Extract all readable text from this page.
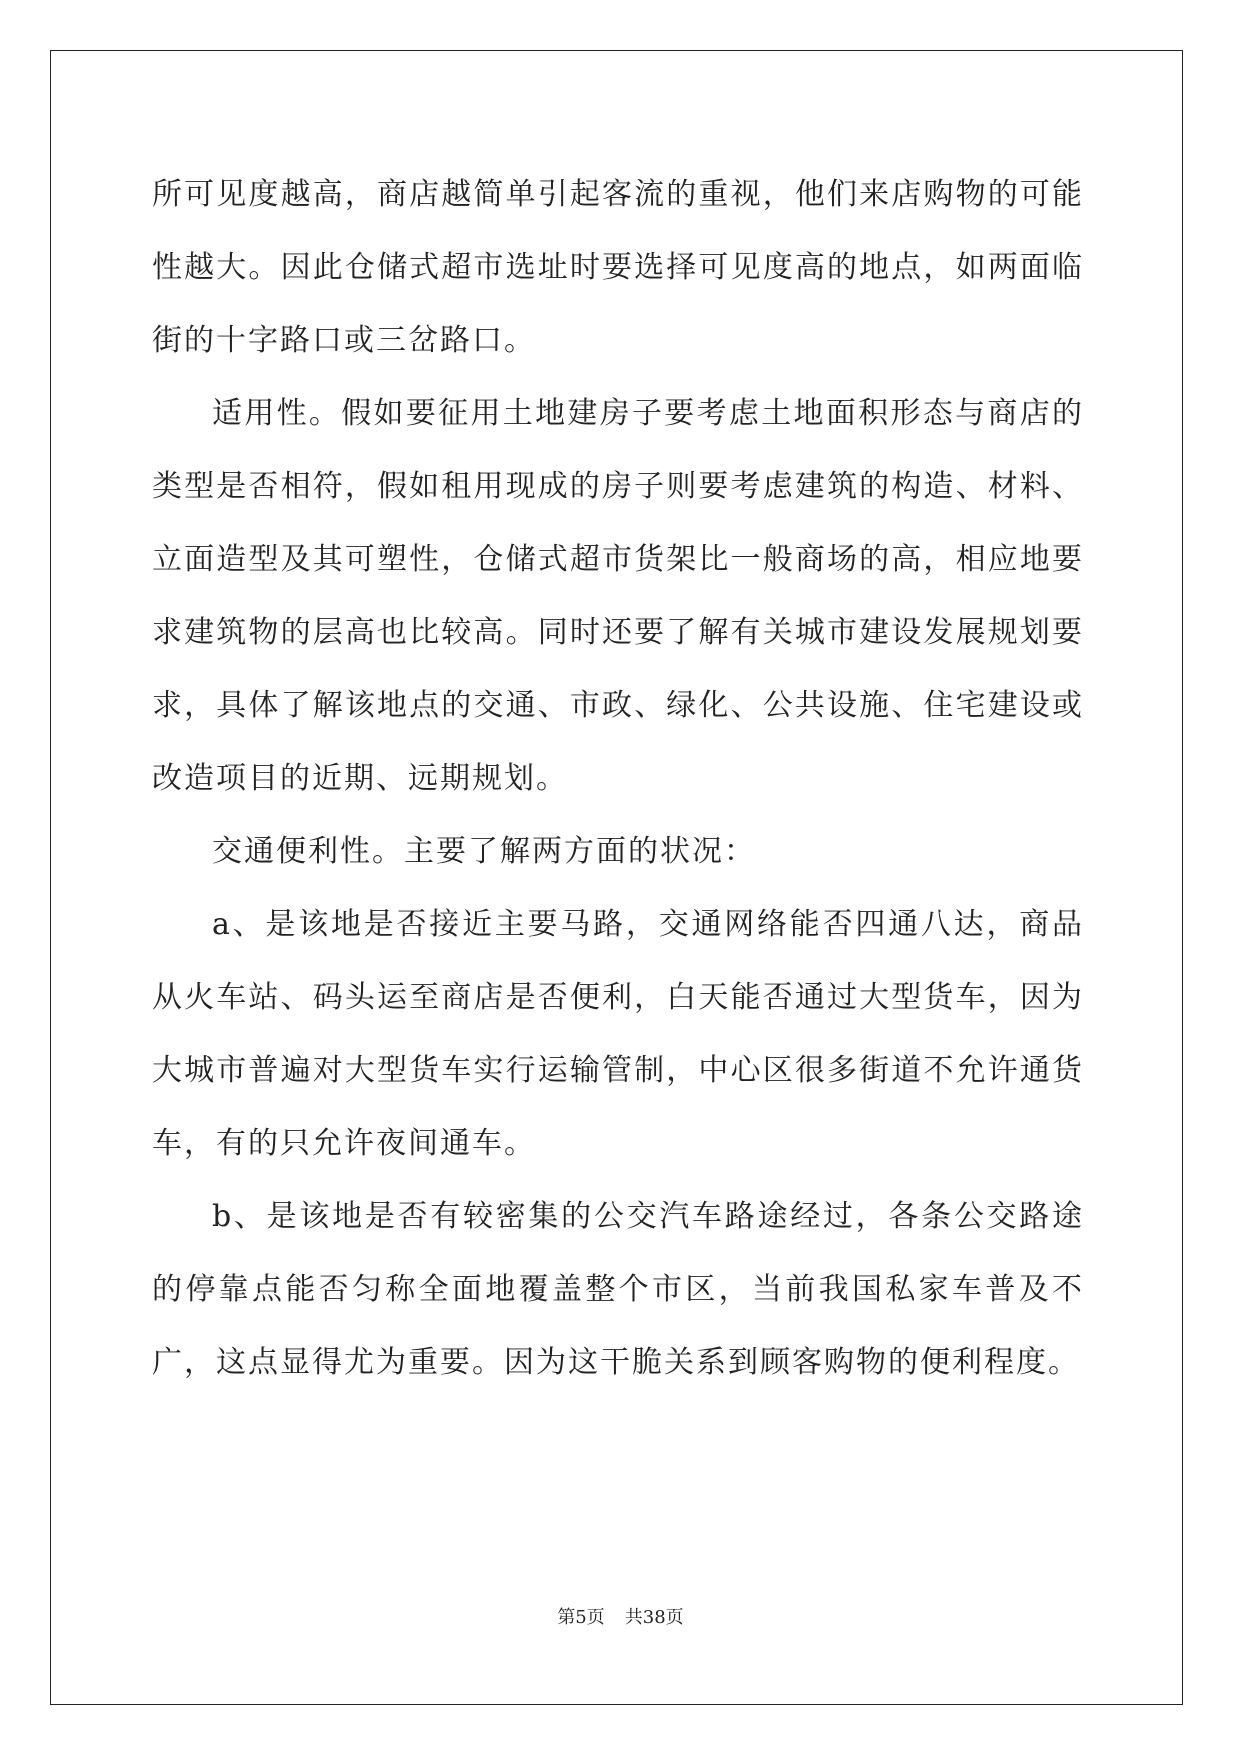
所可见度越高，商店越简单引起客流的重视，他们来店购物的可能性越大。因此仓储式超市选址时要选择可见度高的地点，如两面临街的十字路口或三岔路口。

适用性。假如要征用土地建房子要考虑土地面积形态与商店的类型是否相符，假如租用现成的房子则要考虑建筑的构造、材料、立面造型及其可塑性，仓储式超市货架比一般商场的高，相应地要求建筑物的层高也比较高。同时还要了解有关城市建设发展规划要求，具体了解该地点的交通、市政、绿化、公共设施、住宅建设或改造项目的近期、远期规划。

交通便利性。主要了解两方面的状况：

a、是该地是否接近主要马路，交通网络能否四通八达，商品从火车站、码头运至商店是否便利，白天能否通过大型货车，因为大城市普遍对大型货车实行运输管制，中心区很多街道不允许通货车，有的只允许夜间通车。

b、是该地是否有较密集的公交汽车路途经过，各条公交路途的停靠点能否匀称全面地覆盖整个市区，当前我国私家车普及不广，这点显得尤为重要。因为这干脆关系到顾客购物的便利程度。

第5页 共38页
